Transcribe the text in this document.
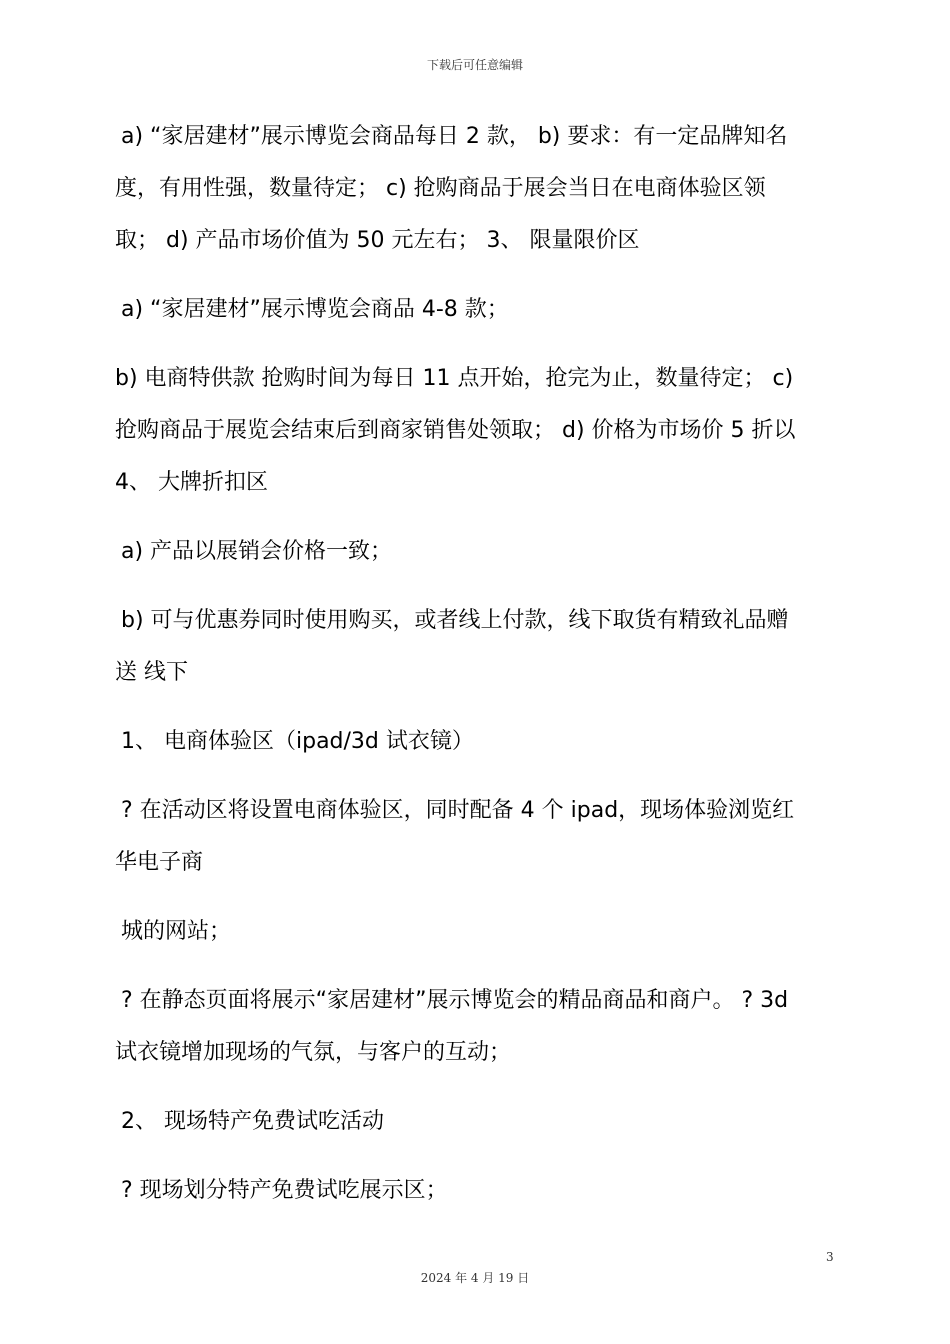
下载后可任意编辑
a) “家居建材”展示博览会商品每日 2 款， b) 要求：有一定品牌知名
度，有用性强，数量待定； c) 抢购商品于展会当日在电商体验区领
取； d) 产品市场价值为 50 元左右； 3、 限量限价区
a) “家居建材”展示博览会商品 4-8 款；
b) 电商特供款 抢购时间为每日 11 点开始，抢完为止，数量待定； c)
抢购商品于展览会结束后到商家销售处领取； d) 价格为市场价 5 折以
4、 大牌折扣区
a) 产品以展销会价格一致；
b) 可与优惠券同时使用购买，或者线上付款，线下取货有精致礼品赠
送 线下
1、 电商体验区（ipad/3d 试衣镜）
? 在活动区将设置电商体验区，同时配备 4 个 ipad，现场体验浏览红
华电子商
城的网站；
? 在静态页面将展示“家居建材”展示博览会的精品商品和商户。 ? 3d
试衣镜增加现场的气氛，与客户的互动；
2、 现场特产免费试吃活动
? 现场划分特产免费试吃展示区；
3
2024 年 4 月 19 日
